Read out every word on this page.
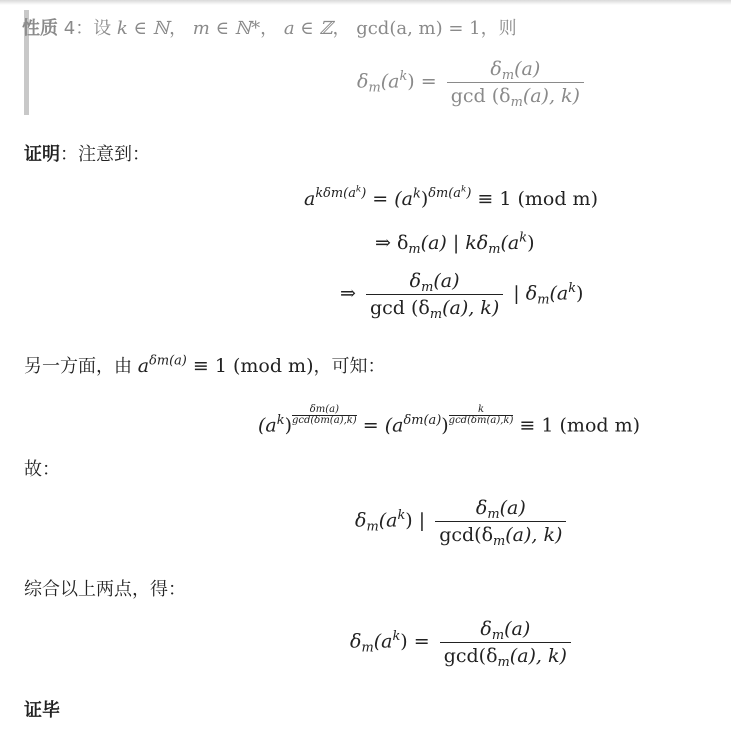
性质 4：设 k ∈ ℕ， m ∈ ℕ*， a ∈ ℤ， gcd(a, m) = 1，则
$\delta_m(a^k) = \frac{\delta_m(a)}{\gcd (\delta_m(a), k)}$
证明：注意到：
$a^{k\delta m(a^k)} = (a^k)^{\delta m(a^k)} \equiv 1$ (mod m)
⇒ $\delta_m(a)$ | $k\delta_m(a^k)$
⇒ $\frac{\delta_m(a)}{\gcd (\delta_m(a), k)}$ | $\delta_m(a^k)$
另一方面，由 $a^{\delta m(a)} \equiv 1$ (mod m)，可知：
$(a^k)$
δm(a)
$\gcd(\delta m(a),k) = (a^{\delta m(a)})$
k
gcd(δm(a),k) ≡ 1 (mod m)
故：
$\delta_m(a^k)$ | $\frac{\delta_m(a)}{\gcd(\delta_m(a), k)}$
综合以上两点，得：
$\delta_m(a^k) = \frac{\delta_m(a)}{\gcd(\delta_m(a), k)}$
证毕
